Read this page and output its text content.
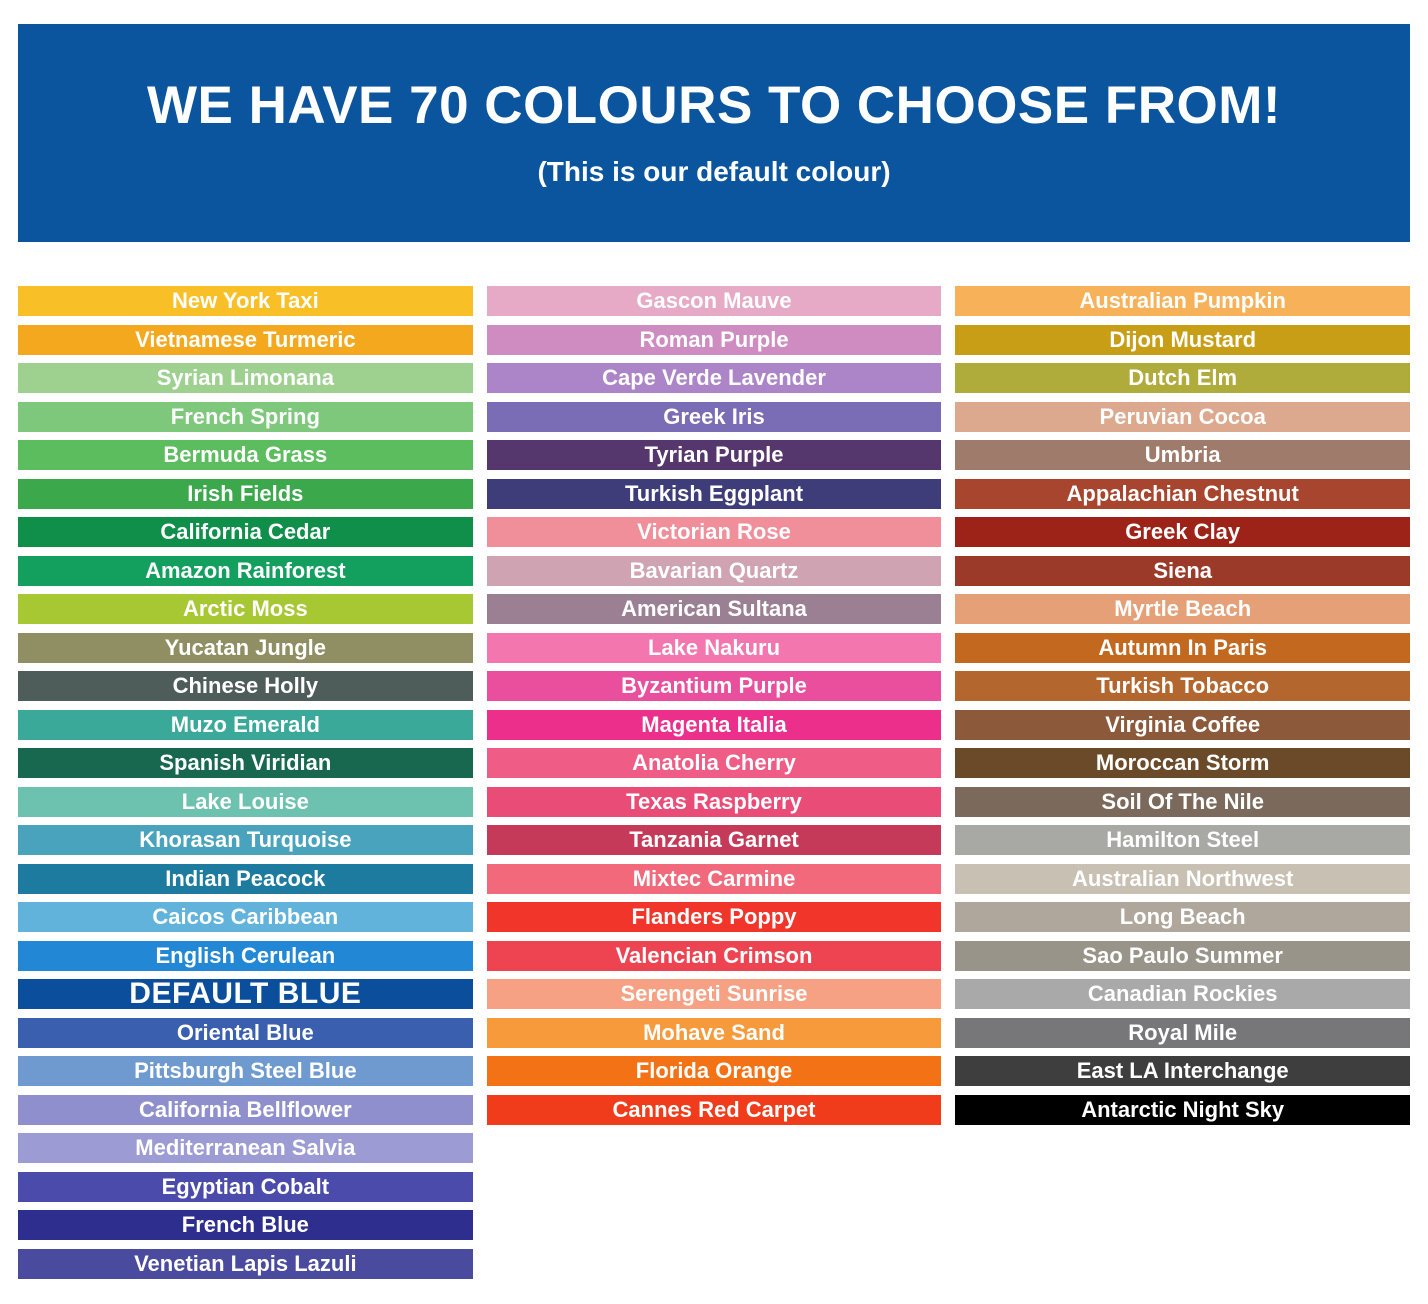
WE HAVE 70 COLOURS TO CHOOSE FROM!
(This is our default colour)
New York Taxi
Vietnamese Turmeric
Syrian Limonana
French Spring
Bermuda Grass
Irish Fields
California Cedar
Amazon Rainforest
Arctic Moss
Yucatan Jungle
Chinese Holly
Muzo Emerald
Spanish Viridian
Lake Louise
Khorasan Turquoise
Indian Peacock
Caicos Caribbean
English Cerulean
DEFAULT BLUE
Oriental Blue
Pittsburgh Steel Blue
California Bellflower
Mediterranean Salvia
Egyptian Cobalt
French Blue
Venetian Lapis Lazuli
Gascon Mauve
Roman Purple
Cape Verde Lavender
Greek Iris
Tyrian Purple
Turkish Eggplant
Victorian Rose
Bavarian Quartz
American Sultana
Lake Nakuru
Byzantium Purple
Magenta Italia
Anatolia Cherry
Texas Raspberry
Tanzania Garnet
Mixtec Carmine
Flanders Poppy
Valencian Crimson
Serengeti Sunrise
Mohave Sand
Florida Orange
Cannes Red Carpet
Australian Pumpkin
Dijon Mustard
Dutch Elm
Peruvian Cocoa
Umbria
Appalachian Chestnut
Greek Clay
Siena
Myrtle Beach
Autumn In Paris
Turkish Tobacco
Virginia Coffee
Moroccan Storm
Soil Of The Nile
Hamilton Steel
Australian Northwest
Long Beach
Sao Paulo Summer
Canadian Rockies
Royal Mile
East LA Interchange
Antarctic Night Sky
